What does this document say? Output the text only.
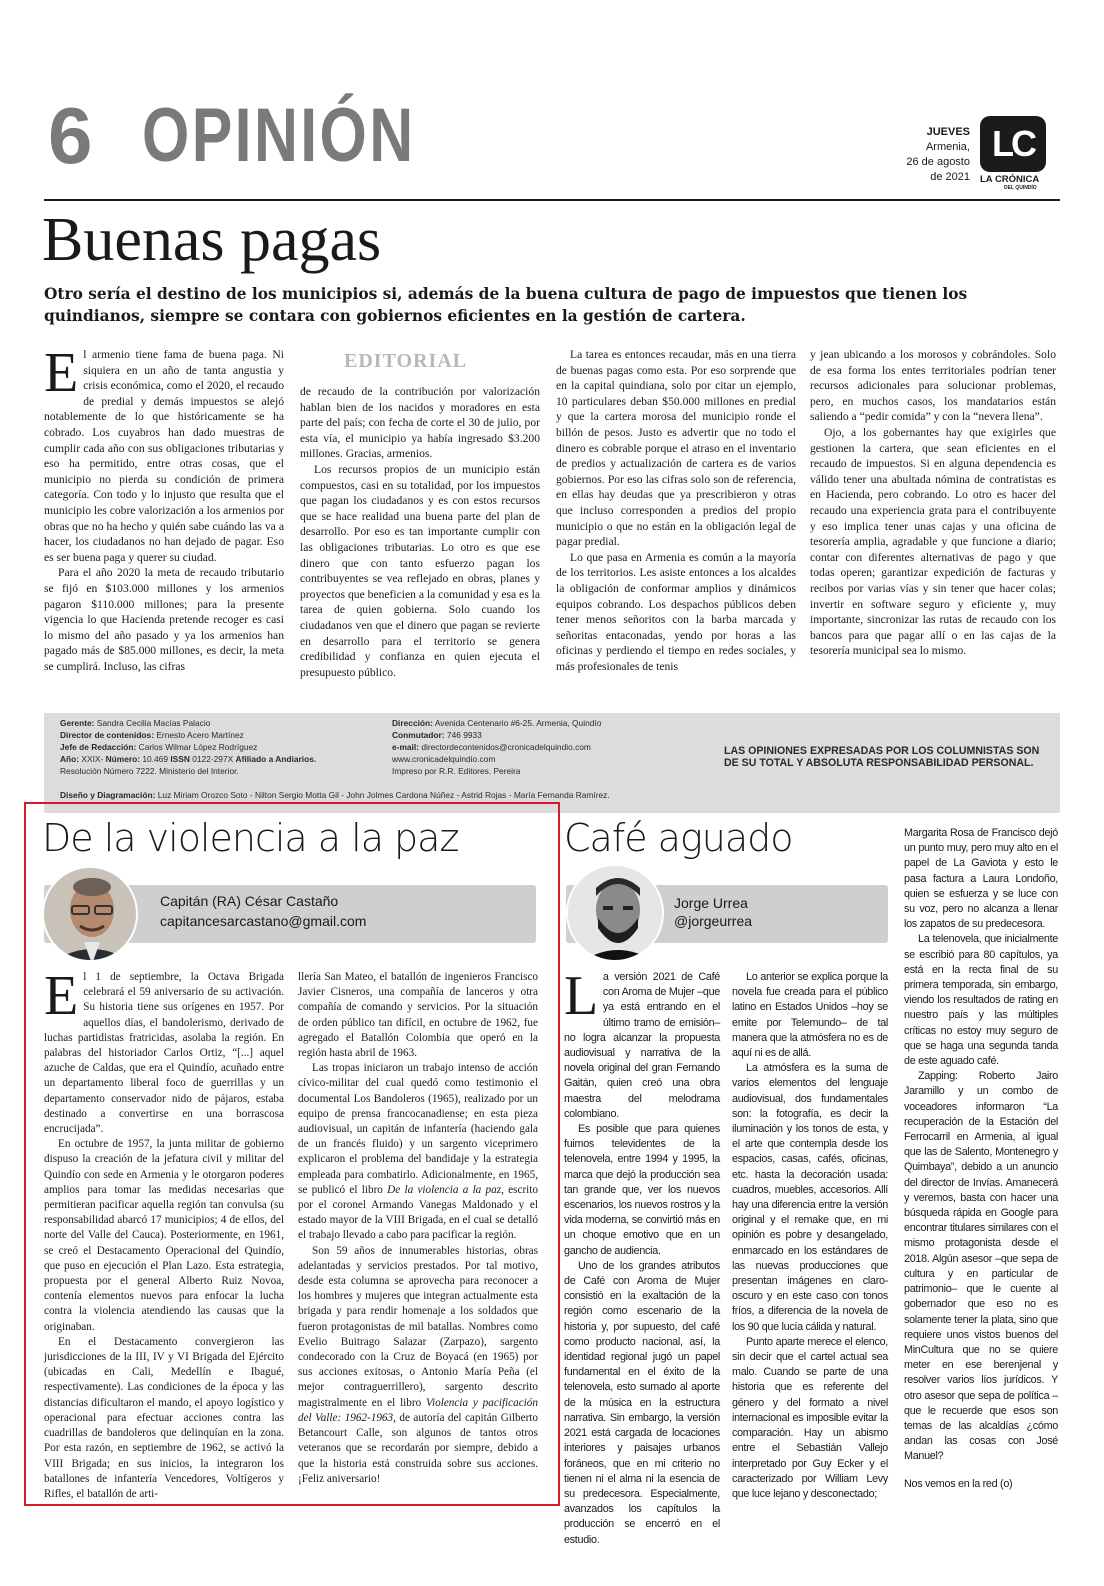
6 OPINIÓN	JUEVES
Armenia,
26 de agosto
de 2021
LC
LA CRÓNICA
DEL QUINDÍO
Buenas pagas
Otro sería el destino de los municipios si, además de la buena cultura de pago de impuestos que tienen los quindianos, siempre se contara con gobiernos eficientes en la gestión de cartera.

El armenio tiene fama de buena paga. Ni siquiera en un año de tanta angustia y crisis económica, como el 2020, el recaudo de predial y demás impuestos se alejó notablemente de lo que históricamente se ha cobrado. Los cuyabros han dado muestras de cumplir cada año con sus obligaciones tributarias y eso ha permitido, entre otras cosas, que el municipio no pierda su condición de primera categoría. Con todo y lo injusto que resulta que el municipio les cobre valorización a los armenios por obras que no ha hecho y quién sabe cuándo las va a hacer, los ciudadanos no han dejado de pagar. Eso es ser buena paga y querer su ciudad.

Para el año 2020 la meta de recaudo tributario se fijó en $103.000 millones y los armenios pagaron $110.000 millones; para la presente vigencia lo que Hacienda pretende recoger es casi lo mismo del año pasado y ya los armenios han pagado más de $85.000 millones, es decir, la meta se cumplirá. Incluso, las cifras

EDITORIAL

de recaudo de la contribución por valorización hablan bien de los nacidos y moradores en esta parte del país; con fecha de corte el 30 de julio, por esta vía, el municipio ya había ingresado $3.200 millones. Gracias, armenios.

Los recursos propios de un municipio están compuestos, casi en su totalidad, por los impuestos que pagan los ciudadanos y es con estos recursos que se hace realidad una buena parte del plan de desarrollo. Por eso es tan importante cumplir con las obligaciones tributarias. Lo otro es que ese dinero que con tanto esfuerzo pagan los contribuyentes se vea reflejado en obras, planes y proyectos que beneficien a la comunidad y esa es la tarea de quien gobierna. Solo cuando los ciudadanos ven que el dinero que pagan se revierte en desarrollo para el territorio se genera credibilidad y confianza en quien ejecuta el presupuesto público.

La tarea es entonces recaudar, más en una tierra de buenas pagas como esta. Por eso sorprende que en la capital quindiana, solo por citar un ejemplo, 10 particulares deban $50.000 millones en predial y que la cartera morosa del municipio ronde el billón de pesos. Justo es advertir que no todo el dinero es cobrable porque el atraso en el inventario de predios y actualización de cartera es de varios gobiernos. Por eso las cifras solo son de referencia, en ellas hay deudas que ya prescribieron y otras que incluso corresponden a predios del propio municipio o que no están en la obligación legal de pagar predial.

Lo que pasa en Armenia es común a la mayoría de los territorios. Les asiste entonces a los alcaldes la obligación de conformar amplios y dinámicos equipos cobrando. Los despachos públicos deben tener menos señoritos con la barba marcada y señoritas entaconadas, yendo por horas a las oficinas y perdiendo el tiempo en redes sociales, y más profesionales de tenis

y jean ubicando a los morosos y cobrándoles. Solo de esa forma los entes territoriales podrían tener recursos adicionales para solucionar problemas, pero, en muchos casos, los mandatarios están saliendo a “pedir comida” y con la “nevera llena”.

Ojo, a los gobernantes hay que exigirles que gestionen la cartera, que sean eficientes en el recaudo de impuestos. Si en alguna dependencia es válido tener una abultada nómina de contratistas es en Hacienda, pero cobrando. Lo otro es hacer del recaudo una experiencia grata para el contribuyente y eso implica tener unas cajas y una oficina de tesorería amplia, agradable y que funcione a diario; contar con diferentes alternativas de pago y que todas operen; garantizar expedición de facturas y recibos por varias vías y sin tener que hacer colas; invertir en software seguro y eficiente y, muy importante, sincronizar las rutas de recaudo con los bancos para que pagar allí o en las cajas de la tesorería municipal sea lo mismo.

Gerente: Sandra Cecilia Macías Palacio
Director de contenidos: Ernesto Acero Martínez
Jefe de Redacción: Carlos Wilmar López Rodríguez
Año: XXIX- Número: 10.469 ISSN 0122-297X Afiliado a Andiarios.
Resolución Número 7222. Ministerio del Interior.
Dirección: Avenida Centenario #6-25. Armenia, Quindío
Conmutador: 746 9933
e-mail: directordecontenidos@cronicadelquindio.com
www.cronicadelquindio.com
Impreso por R.R. Editores. Pereira
LAS OPINIONES EXPRESADAS POR LOS COLUMNISTAS SON DE SU TOTAL Y ABSOLUTA RESPONSABILIDAD PERSONAL.
Diseño y Diagramación: Luz Miriam Orozco Soto - Nilton Sergio Motta Gil - John Jolmes Cardona Núñez - Astrid Rojas - María Fernanda Ramírez.
De la violencia a la paz
Capitán (RA) César Castaño
capitancesarcastano@gmail.com

El 1 de septiembre, la Octava Brigada celebrará el 59 aniversario de su activación. Su historia tiene sus orígenes en 1957. Por aquellos días, el bandolerismo, derivado de luchas partidistas fratricidas, asolaba la región. En palabras del historiador Carlos Ortiz, “[...] aquel azuche de Caldas, que era el Quindío, acuñado entre un departamento liberal foco de guerrillas y un departamento conservador nido de pájaros, estaba destinado a convertirse en una borrascosa encrucijada”.

En octubre de 1957, la junta militar de gobierno dispuso la creación de la jefatura civil y militar del Quindío con sede en Armenia y le otorgaron poderes amplios para tomar las medidas necesarias que permitieran pacificar aquella región tan convulsa (su responsabilidad abarcó 17 municipios; 4 de ellos, del norte del Valle del Cauca). Posteriormente, en 1961, se creó el Destacamento Operacional del Quindío, que puso en ejecución el Plan Lazo. Esta estrategia, propuesta por el general Alberto Ruiz Novoa, contenía elementos nuevos para enfocar la lucha contra la violencia atendiendo las causas que la originaban.

En el Destacamento convergieron las jurisdicciones de la III, IV y VI Brigada del Ejército (ubicadas en Cali, Medellín e Ibagué, respectivamente). Las condiciones de la época y las distancias dificultaron el mando, el apoyo logístico y operacional para efectuar acciones contra las cuadrillas de bandoleros que delinquían en la zona. Por esta razón, en septiembre de 1962, se activó la VIII Brigada; en sus inicios, la integraron los batallones de infantería Vencedores, Voltígeros y Rifles, el batallón de arti-

llería San Mateo, el batallón de ingenieros Francisco Javier Cisneros, una compañía de lanceros y otra compañía de comando y servicios. Por la situación de orden público tan difícil, en octubre de 1962, fue agregado el Batallón Colombia que operó en la región hasta abril de 1963.

Las tropas iniciaron un trabajo intenso de acción cívico-militar del cual quedó como testimonio el documental Los Bandoleros (1965), realizado por un equipo de prensa francocanadiense; en esta pieza audiovisual, un capitán de infantería (haciendo gala de un francés fluido) y un sargento viceprimero explicaron el problema del bandidaje y la estrategia empleada para combatirlo. Adicionalmente, en 1965, se publicó el libro De la violencia a la paz, escrito por el coronel Armando Vanegas Maldonado y el estado mayor de la VIII Brigada, en el cual se detalló el trabajo llevado a cabo para pacificar la región.

Son 59 años de innumerables historias, obras adelantadas y servicios prestados. Por tal motivo, desde esta columna se aprovecha para reconocer a los hombres y mujeres que integran actualmente esta brigada y para rendir homenaje a los soldados que fueron protagonistas de mil batallas. Nombres como Evelio Buitrago Salazar (Zarpazo), sargento condecorado con la Cruz de Boyacá (en 1965) por sus acciones exitosas, o Antonio María Peña (el mejor contraguerrillero), sargento descrito magistralmente en el libro Violencia y pacificación del Valle: 1962-1963, de autoría del capitán Gilberto Betancourt Calle, son algunos de tantos otros veteranos que se recordarán por siempre, debido a que la historia está construida sobre sus acciones. ¡Feliz aniversario!

Café aguado
Jorge Urrea
@jorgeurrea

La versión 2021 de Café con Aroma de Mujer –que ya está entrando en el último tramo de emisión– no logra alcanzar la propuesta audiovisual y narrativa de la novela original del gran Fernando Gaitán, quien creó una obra maestra del melodrama colombiano.

Es posible que para quienes fuimos televidentes de la telenovela, entre 1994 y 1995, la marca que dejó la producción sea tan grande que, ver los nuevos escenarios, los nuevos rostros y la vida moderna, se convirtió más en un choque emotivo que en un gancho de audiencia.

Uno de los grandes atributos de Café con Aroma de Mujer consistió en la exaltación de la región como escenario de la historia y, por supuesto, del café como producto nacional, así, la identidad regional jugó un papel fundamental en el éxito de la telenovela, esto sumado al aporte de la música en la estructura narrativa. Sin embargo, la versión 2021 está cargada de locaciones interiores y paisajes urbanos foráneos, que en mi criterio no tienen ni el alma ni la esencia de su predecesora. Especialmente, avanzados los capítulos la producción se encerró en el estudio.

Lo anterior se explica porque la novela fue creada para el público latino en Estados Unidos –hoy se emite por Telemundo– de tal manera que la atmósfera no es de aquí ni es de allá.

La atmósfera es la suma de varios elementos del lenguaje audiovisual, dos fundamentales son: la fotografía, es decir la iluminación y los tonos de esta, y el arte que contempla desde los espacios, casas, cafés, oficinas, etc. hasta la decoración usada: cuadros, muebles, accesorios. Allí hay una diferencia entre la versión original y el remake que, en mi opinión es pobre y desangelado, enmarcado en los estándares de las nuevas producciones que presentan imágenes en claro-oscuro y en este caso con tonos fríos, a diferencia de la novela de los 90 que lucía cálida y natural.

Punto aparte merece el elenco, sin decir que el cartel actual sea malo. Cuando se parte de una historia que es referente del género y del formato a nivel internacional es imposible evitar la comparación. Hay un abismo entre el Sebastián Vallejo interpretado por Guy Ecker y el caracterizado por William Levy que luce lejano y desconectado;

Margarita Rosa de Francisco dejó un punto muy, pero muy alto en el papel de La Gaviota y esto le pasa factura a Laura Londoño, quien se esfuerza y se luce con su voz, pero no alcanza a llenar los zapatos de su predecesora.

La telenovela, que inicialmente se escribió para 80 capítulos, ya está en la recta final de su primera temporada, sin embargo, viendo los resultados de rating en nuestro país y las múltiples críticas no estoy muy seguro de que se haga una segunda tanda de este aguado café.

Zapping: Roberto Jairo Jaramillo y un combo de voceadores informaron “La recuperación de la Estación del Ferrocarril en Armenia, al igual que las de Salento, Montenegro y Quimbaya”, debido a un anuncio del director de Invías. Amanecerá y veremos, basta con hacer una búsqueda rápida en Google para encontrar titulares similares con el mismo protagonista desde el 2018. Algún asesor –que sepa de cultura y en particular de patrimonio– que le cuente al gobernador que eso no es solamente tener la plata, sino que requiere unos vistos buenos del MinCultura que no se quiere meter en ese berenjenal y resolver varios líos jurídicos. Y otro asesor que sepa de política – que le recuerde que esos son temas de las alcaldías ¿cómo andan las cosas con José Manuel?

Nos vemos en la red (o)
